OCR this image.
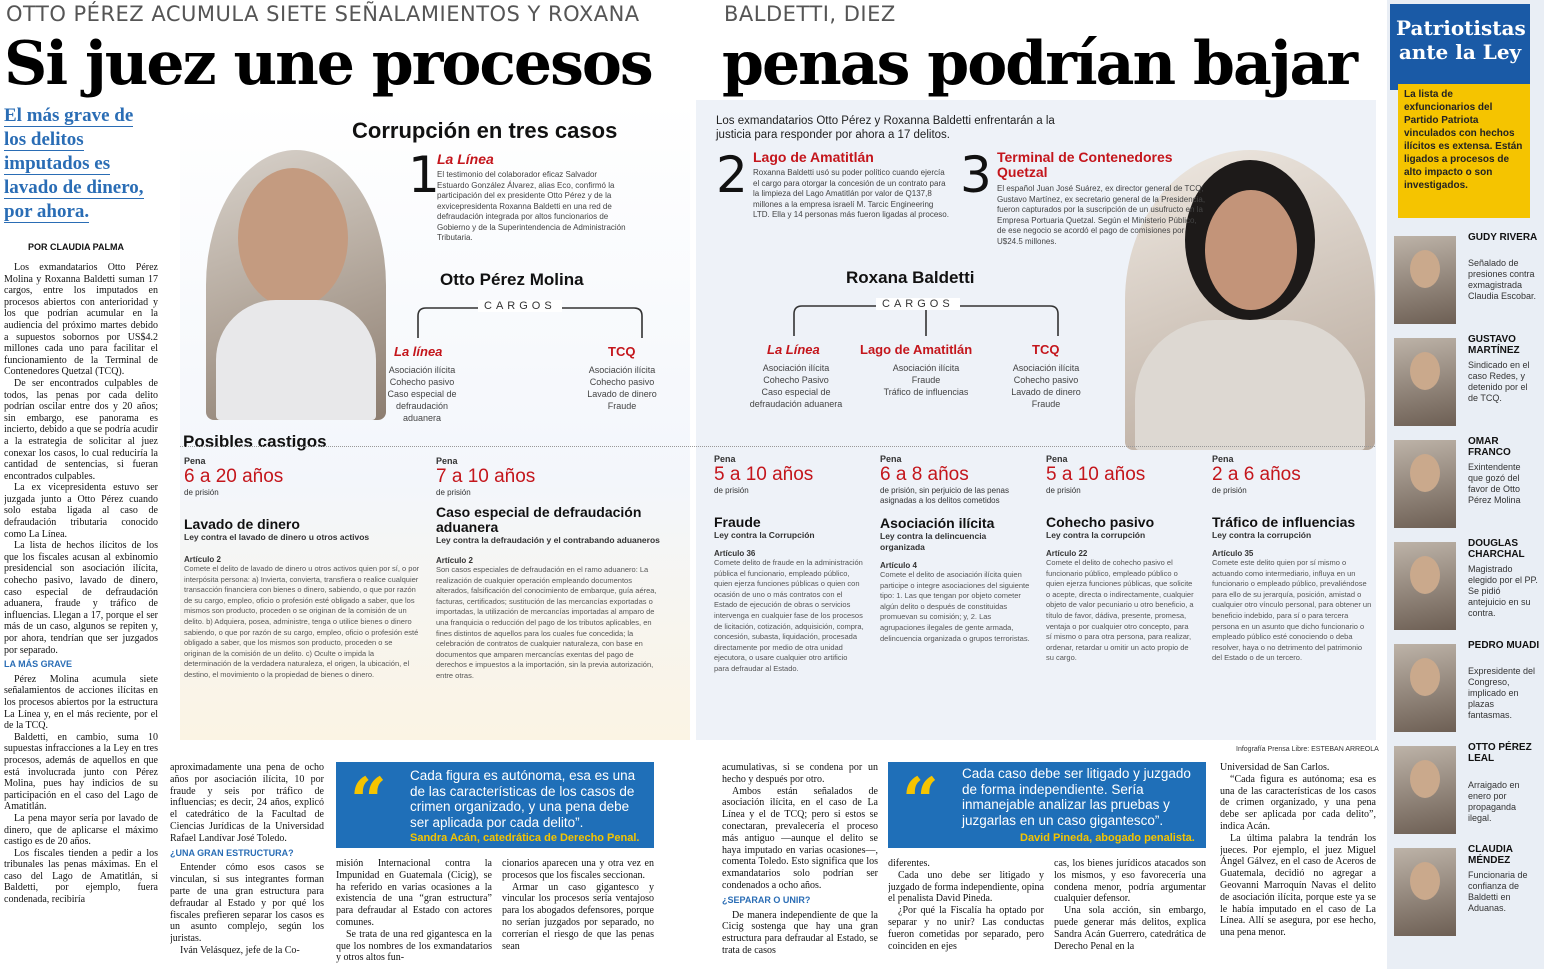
OTTO PÉREZ ACUMULA SIETE SEÑALAMIENTOS Y ROXANA	BALDETTI, DIEZ
Si juez une procesos penas podrían bajar
El más grave de
los delitos
imputados es
lavado de dinero,
por ahora.
POR CLAUDIA PALMA

Los exmandatarios Otto Pérez Molina y Roxanna Baldetti suman 17 cargos, entre los imputados en procesos abiertos con anterioridad y los que podrían acumular en la audiencia del próximo martes debido a supuestos sobornos por US$4.2 millones cada uno para facilitar el funcionamiento de la Terminal de Contenedores Quetzal (TCQ).

De ser encontrados culpables de todos, las penas por cada delito podrían oscilar entre dos y 20 años; sin embargo, ese panorama es incierto, debido a que se podría acudir a la estrategia de solicitar al juez conexar los casos, lo cual reduciría la cantidad de sentencias, si fueran encontrados culpables.

La ex vicepresidenta estuvo ser juzgada junto a Otto Pérez cuando solo estaba ligada al caso de defraudación tributaria conocido como La Línea.

La lista de hechos ilícitos de los que los fiscales acusan al exbinomio presidencial son asociación ilícita, cohecho pasivo, lavado de dinero, caso especial de defraudación aduanera, fraude y tráfico de influencias. Llegan a 17, porque el ser más de un caso, algunos se repiten y, por ahora, tendrían que ser juzgados por separado.

LA MÁS GRAVE

Pérez Molina acumula siete señalamientos de acciones ilícitas en los procesos abiertos por la estructura La Línea y, en el más reciente, por el de la TCQ.

Baldetti, en cambio, suma 10 supuestas infracciones a la Ley en tres procesos, además de aquellos en que está involucrada junto con Pérez Molina, pues hay indicios de su participación en el caso del Lago de Amatitlán.

La pena mayor sería por lavado de dinero, que de aplicarse el máximo castigo es de 20 años.

Los fiscales tienden a pedir a los tribunales las penas máximas. En el caso del Lago de Amatitlán, si Baldetti, por ejemplo, fuera condenada, recibiría

Corrupción en tres casos	Los exmandatarios Otto Pérez y Roxanna Baldetti enfrentarán a la justicia para responder por ahora a 17 delitos.
1
La Línea
El testimonio del colaborador eficaz Salvador Estuardo González Álvarez, alias Eco, confirmó la participación del ex presidente Otto Pérez y de la exvicepresidenta Roxanna Baldetti en una red de defraudación integrada por altos funcionarios de Gobierno y de la Superintendencia de Administración Tributaria.
2 Lago de Amatitlán
Roxanna Baldetti usó su poder político cuando ejercía el cargo para otorgar la concesión de un contrato para la limpieza del Lago Amatitlán por valor de Q137,8 millones a la empresa israelí M. Tarcic Engineering LTD. Ella y 14 personas más fueron ligadas al proceso.
3 Terminal de Contenedores Quetzal
El español Juan José Suárez, ex director general de TCQ; Gustavo Martínez, ex secretario general de la Presidencia, fueron capturados por la suscripción de un usufructo en la Empresa Portuaria Quetzal. Según el Ministerio Público, de ese negocio se acordó el pago de comisiones por U$24.5 millones.
Otto Pérez Molina
CARGOS
La línea
Asociación ilícita
Cohecho pasivo
Caso especial de
defraudación
aduanera
TCQ
Asociación ilícita
Cohecho pasivo
Lavado de dinero
Fraude
Roxana Baldetti
CARGOS
La Línea
Asociación ilícita
Cohecho Pasivo
Caso especial de
defraudación aduanera
Lago de Amatitlán
Asociación ilícita
Fraude
Tráfico de influencias
TCQ
Asociación ilícita
Cohecho pasivo
Lavado de dinero
Fraude
Posibles castigos
Pena
6 a 20 años
de prisión
Lavado de dinero
Ley contra el lavado de dinero u otros activos
Artículo 2
Comete el delito de lavado de dinero u otros activos quien por sí, o por interpósita persona: a) Invierta, convierta, transfiera o realice cualquier transacción financiera con bienes o dinero, sabiendo, o que por razón de su cargo, empleo, oficio o profesión esté obligado a saber, que los mismos son producto, proceden o se originan de la comisión de un delito. b) Adquiera, posea, administre, tenga o utilice bienes o dinero sabiendo, o que por razón de su cargo, empleo, oficio o profesión esté obligado a saber, que los mismos son producto, proceden o se originan de la comisión de un delito. c) Oculte o impida la determinación de la verdadera naturaleza, el origen, la ubicación, el destino, el movimiento o la propiedad de bienes o dinero.
Pena
7 a 10 años
de prisión
Caso especial de defraudación aduanera
Ley contra la defraudación y el contrabando aduaneros
Artículo 2
Son casos especiales de defraudación en el ramo aduanero: La realización de cualquier operación empleando documentos alterados, falsificación del conocimiento de embarque, guía aérea, facturas, certificados; sustitución de las mercancías exportadas o importadas, la utilización de mercancías importadas al amparo de una franquicia o reducción del pago de los tributos aplicables, en fines distintos de aquellos para los cuales fue concedida; la celebración de contratos de cualquier naturaleza, con base en documentos que amparen mercancías exentas del pago de derechos e impuestos a la importación, sin la previa autorización, entre otras.
Pena
5 a 10 años
de prisión
Fraude
Ley contra la Corrupción
Artículo 36
Comete delito de fraude en la administración pública el funcionario, empleado público, quien ejerza funciones públicas o quien con ocasión de uno o más contratos con el Estado de ejecución de obras o servicios intervenga en cualquier fase de los procesos de licitación, cotización, adquisición, compra, concesión, subasta, liquidación, procesada directamente por medio de otra unidad ejecutora, o usare cualquier otro artificio para defraudar al Estado.
Pena
6 a 8 años
de prisión, sin perjuicio de las penas asignadas a los delitos cometidos
Asociación ilícita
Ley contra la delincuencia organizada
Artículo 4
Comete el delito de asociación ilícita quien participe o integre asociaciones del siguiente tipo: 1. Las que tengan por objeto cometer algún delito o después de constituidas promuevan su comisión; y, 2. Las agrupaciones ilegales de gente armada, delincuencia organizada o grupos terroristas.
Pena
5 a 10 años
de prisión
Cohecho pasivo
Ley contra la corrupción
Artículo 22
Comete el delito de cohecho pasivo el funcionario público, empleado público o quien ejerza funciones públicas, que solicite o acepte, directa o indirectamente, cualquier objeto de valor pecuniario u otro beneficio, a título de favor, dádiva, presente, promesa, ventaja o por cualquier otro concepto, para sí mismo o para otra persona, para realizar, ordenar, retardar u omitir un acto propio de su cargo.
Pena
2 a 6 años
de prisión
Tráfico de influencias
Ley contra la corrupción
Artículo 35
Comete este delito quien por sí mismo o actuando como intermediario, influya en un funcionario o empleado público, prevaliéndose para ello de su jerarquía, posición, amistad o cualquier otro vínculo personal, para obtener un beneficio indebido, para sí o para tercera persona en un asunto que dicho funcionario o empleado público esté conociendo o deba resolver, haya o no detrimento del patrimonio del Estado o de un tercero.
Infografía Prensa Libre: ESTEBAN ARREOLA
“ Cada figura es autónoma, esa es una de las características de los casos de crimen organizado, y una pena debe ser aplicada por cada delito”.
Sandra Acán, catedrática de Derecho Penal.	“ Cada caso debe ser litigado y juzgado de forma independiente. Sería inmanejable analizar las pruebas y juzgarlas en un caso gigantesco”.
David Pineda, abogado penalista.

aproximadamente una pena de ocho años por asociación ilícita, 10 por fraude y seis por tráfico de influencias; es decir, 24 años, explicó el catedrático de la Facultad de Ciencias Jurídicas de la Universidad Rafael Landívar José Toledo.

¿UNA GRAN ESTRUCTURA?

Entender cómo esos casos se vinculan, si sus integrantes forman parte de una gran estructura para defraudar al Estado y por qué los fiscales prefieren separar los casos es un asunto complejo, según los juristas.

Iván Velásquez, jefe de la Co-

misión Internacional contra la Impunidad en Guatemala (Cicig), se ha referido en varias ocasiones a la existencia de una “gran estructura” para defraudar al Estado con actores comunes.

Se trata de una red gigantesca en la que los nombres de los exmandatarios y otros altos fun-

cionarios aparecen una y otra vez en procesos que los fiscales seccionan.

Armar un caso gigantesco y vincular los procesos sería ventajoso para los abogados defensores, porque no serían juzgados por separado, no correrían el riesgo de que las penas sean

acumulativas, si se condena por un hecho y después por otro.

Ambos están señalados de asociación ilícita, en el caso de La Línea y el de TCQ; pero si estos se conectaran, prevalecería el proceso más antiguo —aunque el delito se haya imputado en varias ocasiones—, comenta Toledo. Esto significa que los exmandatarios solo podrían ser condenados a ocho años.

¿SEPARAR O UNIR?

De manera independiente de que la Cicig sostenga que hay una gran estructura para defraudar al Estado, se trata de casos

diferentes.

Cada uno debe ser litigado y juzgado de forma independiente, opina el penalista David Pineda.

¿Por qué la Fiscalía ha optado por separar y no unir? Las conductas fueron cometidas por separado, pero coinciden en ejes

cas, los bienes jurídicos atacados son los mismos, y eso favorecería una condena menor, podría argumentar cualquier defensor.

Una sola acción, sin embargo, puede generar más delitos, explica Sandra Acán Guerrero, catedrática de Derecho Penal en la

Universidad de San Carlos.

“Cada figura es autónoma; esa es una de las características de los casos de crimen organizado, y una pena debe ser aplicada por cada delito”, indica Acán.

La última palabra la tendrán los jueces. Por ejemplo, el juez Miguel Ángel Gálvez, en el caso de Aceros de Guatemala, decidió no agregar a Geovanni Marroquín Navas el delito de asociación ilícita, porque este ya se le había imputado en el caso de La Línea. Allí se asegura, por ese hecho, una pena menor.

Patriotistas ante la Ley
La lista de exfuncionarios del Partido Patriota vinculados con hechos ilícitos es extensa. Están ligados a procesos de alto impacto o son investigados.
GUDY RIVERA
Señalado de presiones contra exmagistrada Claudia Escobar.
GUSTAVO MARTÍNEZ
Sindicado en el caso Redes, y detenido por el de TCQ.
OMAR FRANCO
Exintendente que gozó del favor de Otto Pérez Molina
DOUGLAS CHARCHAL
Magistrado elegido por el PP. Se pidió antejuicio en su contra.
PEDRO MUADI
Expresidente del Congreso, implicado en plazas fantasmas.
OTTO PÉREZ LEAL
Arraigado en enero por propaganda ilegal.
CLAUDIA MÉNDEZ
Funcionaria de confianza de Baldetti en Aduanas.
